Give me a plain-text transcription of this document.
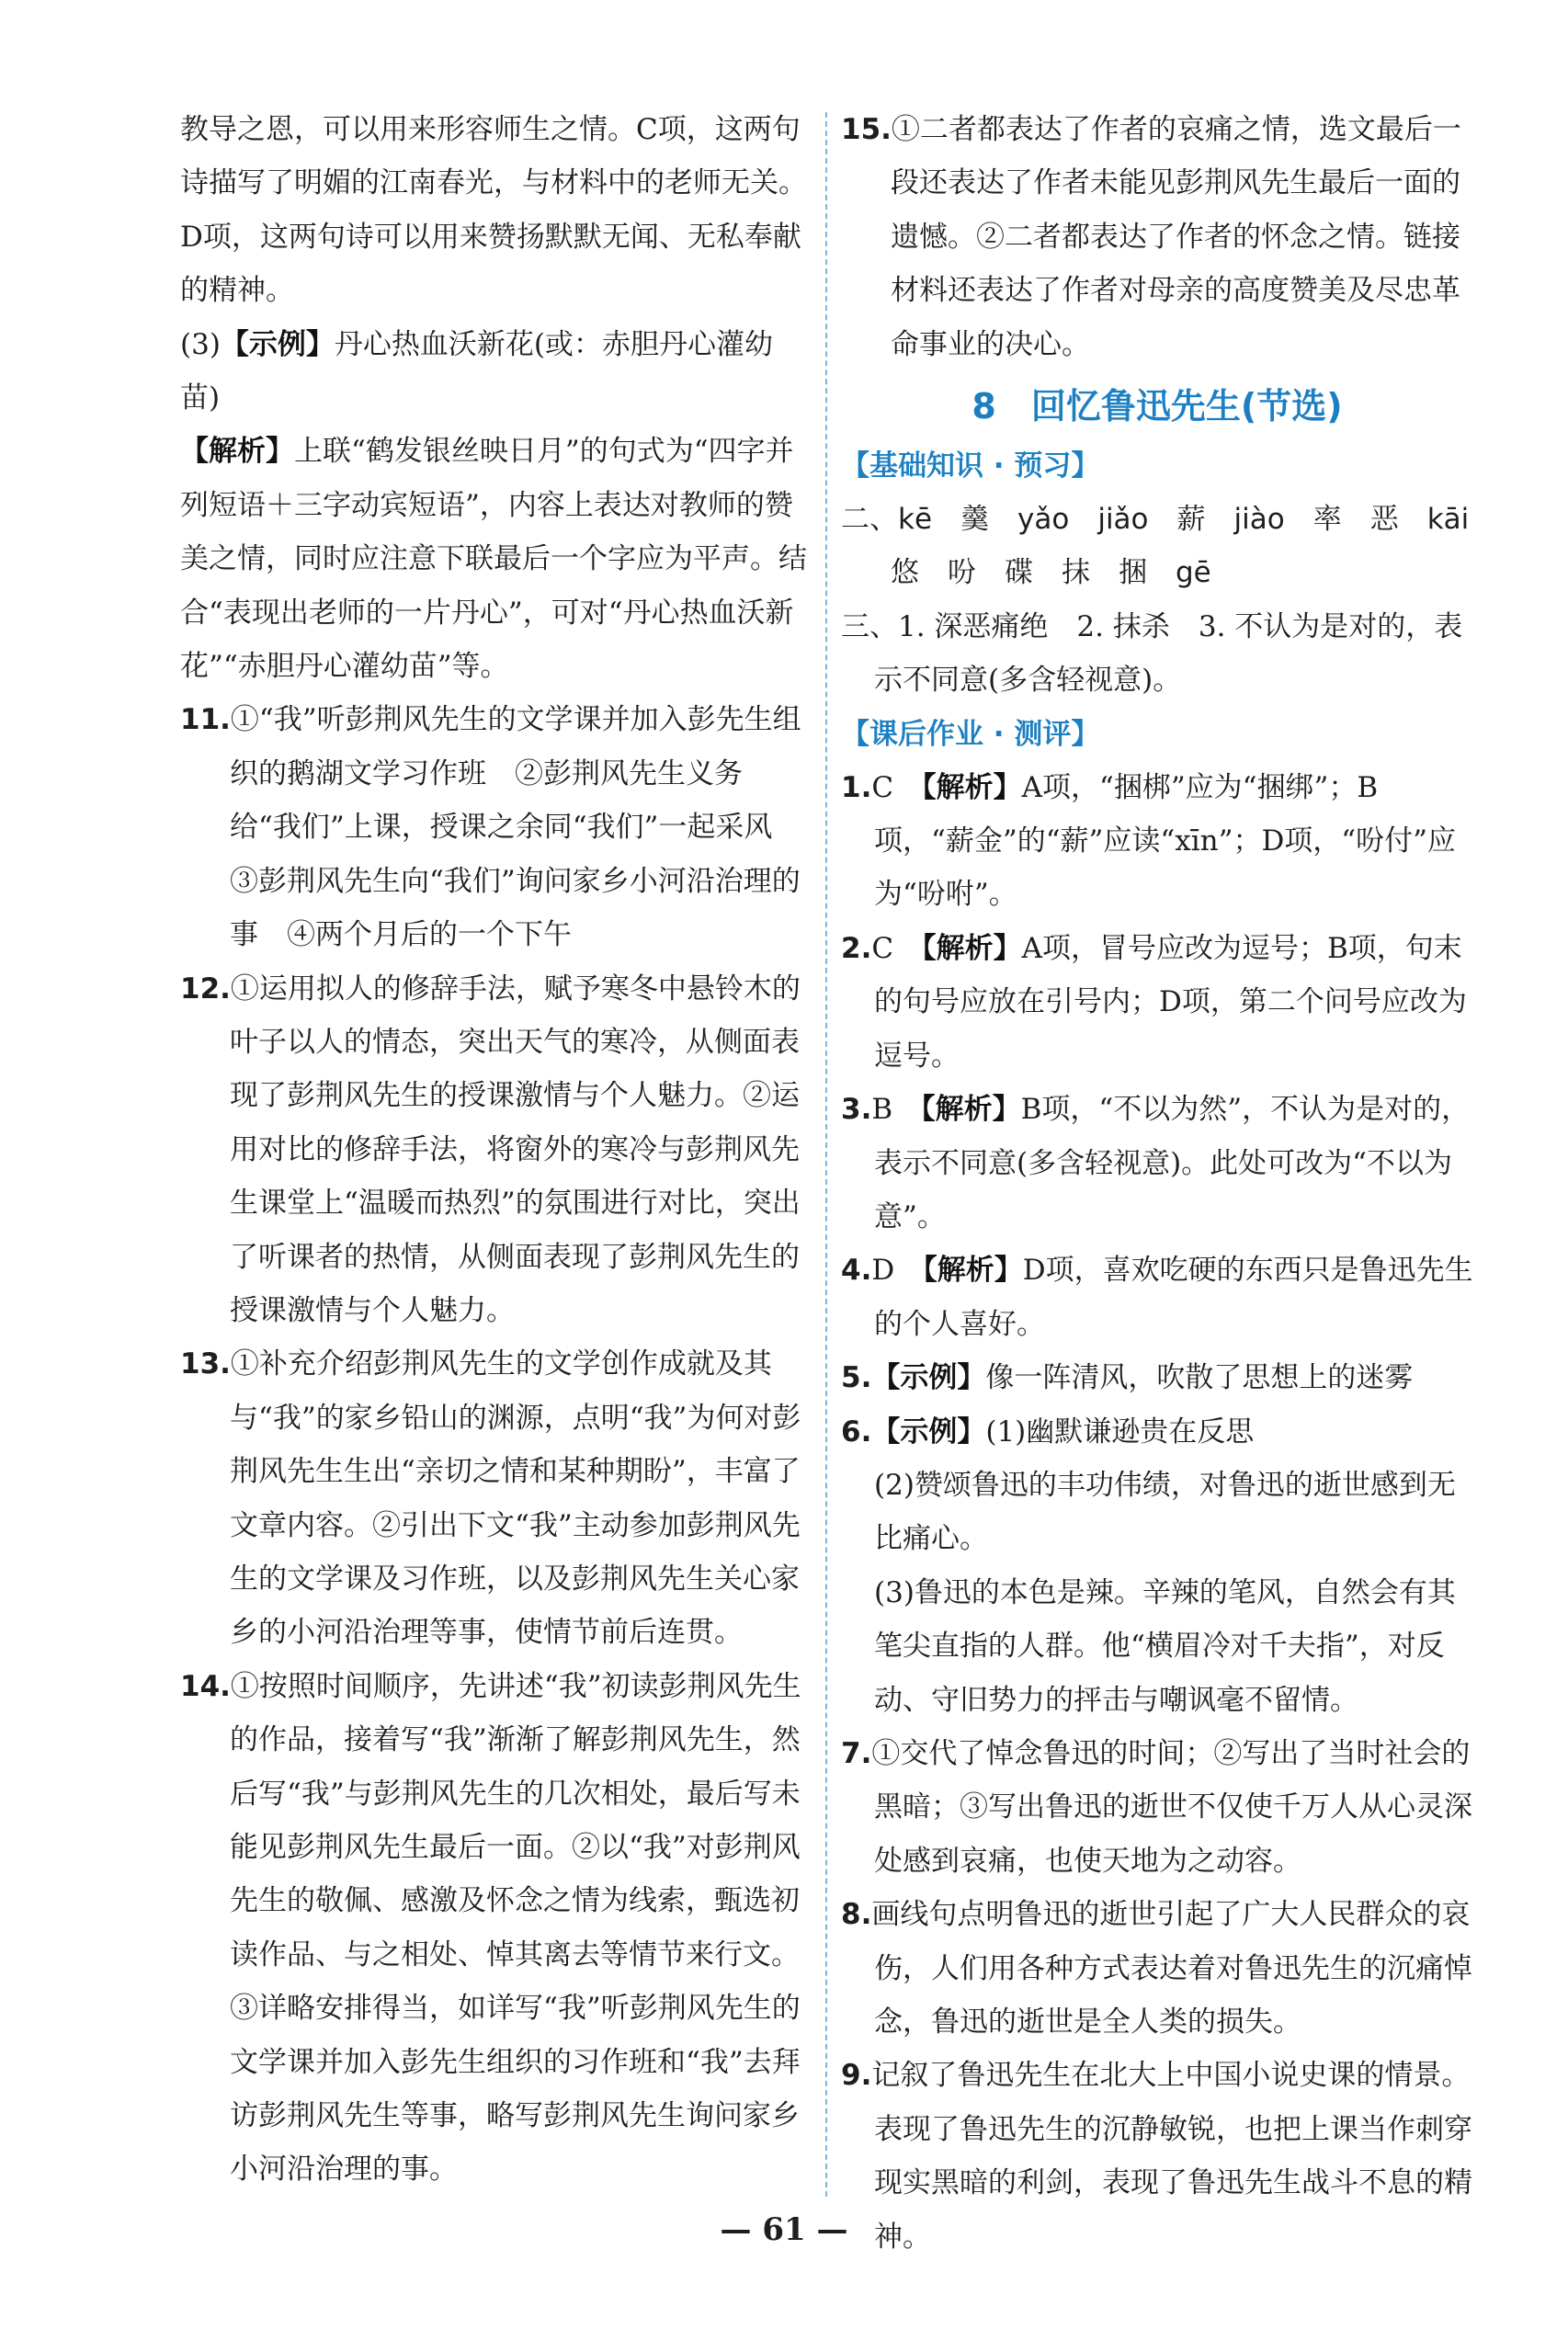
教导之恩，可以用来形容师生之情。C项，这两句诗描写了明媚的江南春光，与材料中的老师无关。D项，这两句诗可以用来赞扬默默无闻、无私奉献的精神。

(3)【示例】丹心热血沃新花(或：赤胆丹心灌幼苗)

【解析】上联“鹤发银丝映日月”的句式为“四字并列短语＋三字动宾短语”，内容上表达对教师的赞美之情，同时应注意下联最后一个字应为平声。结合“表现出老师的一片丹心”，可对“丹心热血沃新花”“赤胆丹心灌幼苗”等。

11.①“我”听彭荆风先生的文学课并加入彭先生组织的鹅湖文学习作班　②彭荆风先生义务给“我们”上课，授课之余同“我们”一起采风　③彭荆风先生向“我们”询问家乡小河沿治理的事　④两个月后的一个下午

12.①运用拟人的修辞手法，赋予寒冬中悬铃木的叶子以人的情态，突出天气的寒冷，从侧面表现了彭荆风先生的授课激情与个人魅力。②运用对比的修辞手法，将窗外的寒冷与彭荆风先生课堂上“温暖而热烈”的氛围进行对比，突出了听课者的热情，从侧面表现了彭荆风先生的授课激情与个人魅力。

13.①补充介绍彭荆风先生的文学创作成就及其与“我”的家乡铅山的渊源，点明“我”为何对彭荆风先生生出“亲切之情和某种期盼”，丰富了文章内容。②引出下文“我”主动参加彭荆风先生的文学课及习作班，以及彭荆风先生关心家乡的小河沿治理等事，使情节前后连贯。

14.①按照时间顺序，先讲述“我”初读彭荆风先生的作品，接着写“我”渐渐了解彭荆风先生，然后写“我”与彭荆风先生的几次相处，最后写未能见彭荆风先生最后一面。②以“我”对彭荆风先生的敬佩、感激及怀念之情为线索，甄选初读作品、与之相处、悼其离去等情节来行文。③详略安排得当，如详写“我”听彭荆风先生的文学课并加入彭先生组织的习作班和“我”去拜访彭荆风先生等事，略写彭荆风先生询问家乡小河沿治理的事。

15.①二者都表达了作者的哀痛之情，选文最后一段还表达了作者未能见彭荆风先生最后一面的遗憾。②二者都表达了作者的怀念之情。链接材料还表达了作者对母亲的高度赞美及尽忠革命事业的决心。

8　回忆鲁迅先生(节选)
【基础知识 · 预习】

二、kē　羹　yǎo　jiǎo　薪　jiào　率　恶　kāi

悠　吩　碟　抹　捆　gē

三、1. 深恶痛绝　2. 抹杀　3. 不认为是对的，表示不同意(多含轻视意)。

【课后作业 · 测评】

1.C　 【解析】A项，“捆梆”应为“捆绑”；B项，“薪金”的“薪”应读“xīn”；D项，“吩付”应为“吩咐”。

2.C　 【解析】A项，冒号应改为逗号；B项，句末的句号应放在引号内；D项，第二个问号应改为逗号。

3.B　 【解析】B项，“不以为然”，不认为是对的，表示不同意(多含轻视意)。此处可改为“不以为意”。

4.D　 【解析】D项，喜欢吃硬的东西只是鲁迅先生的个人喜好。

5.【示例】像一阵清风，吹散了思想上的迷雾

6.【示例】(1)幽默谦逊贵在反思

(2)赞颂鲁迅的丰功伟绩，对鲁迅的逝世感到无比痛心。

(3)鲁迅的本色是辣。辛辣的笔风，自然会有其笔尖直指的人群。他“横眉冷对千夫指”，对反动、守旧势力的抨击与嘲讽毫不留情。

7.①交代了悼念鲁迅的时间；②写出了当时社会的黑暗；③写出鲁迅的逝世不仅使千万人从心灵深处感到哀痛，也使天地为之动容。

8.画线句点明鲁迅的逝世引起了广大人民群众的哀伤，人们用各种方式表达着对鲁迅先生的沉痛悼念，鲁迅的逝世是全人类的损失。

9.记叙了鲁迅先生在北大上中国小说史课的情景。表现了鲁迅先生的沉静敏锐，也把上课当作刺穿现实黑暗的利剑，表现了鲁迅先生战斗不息的精神。

— 61 —
